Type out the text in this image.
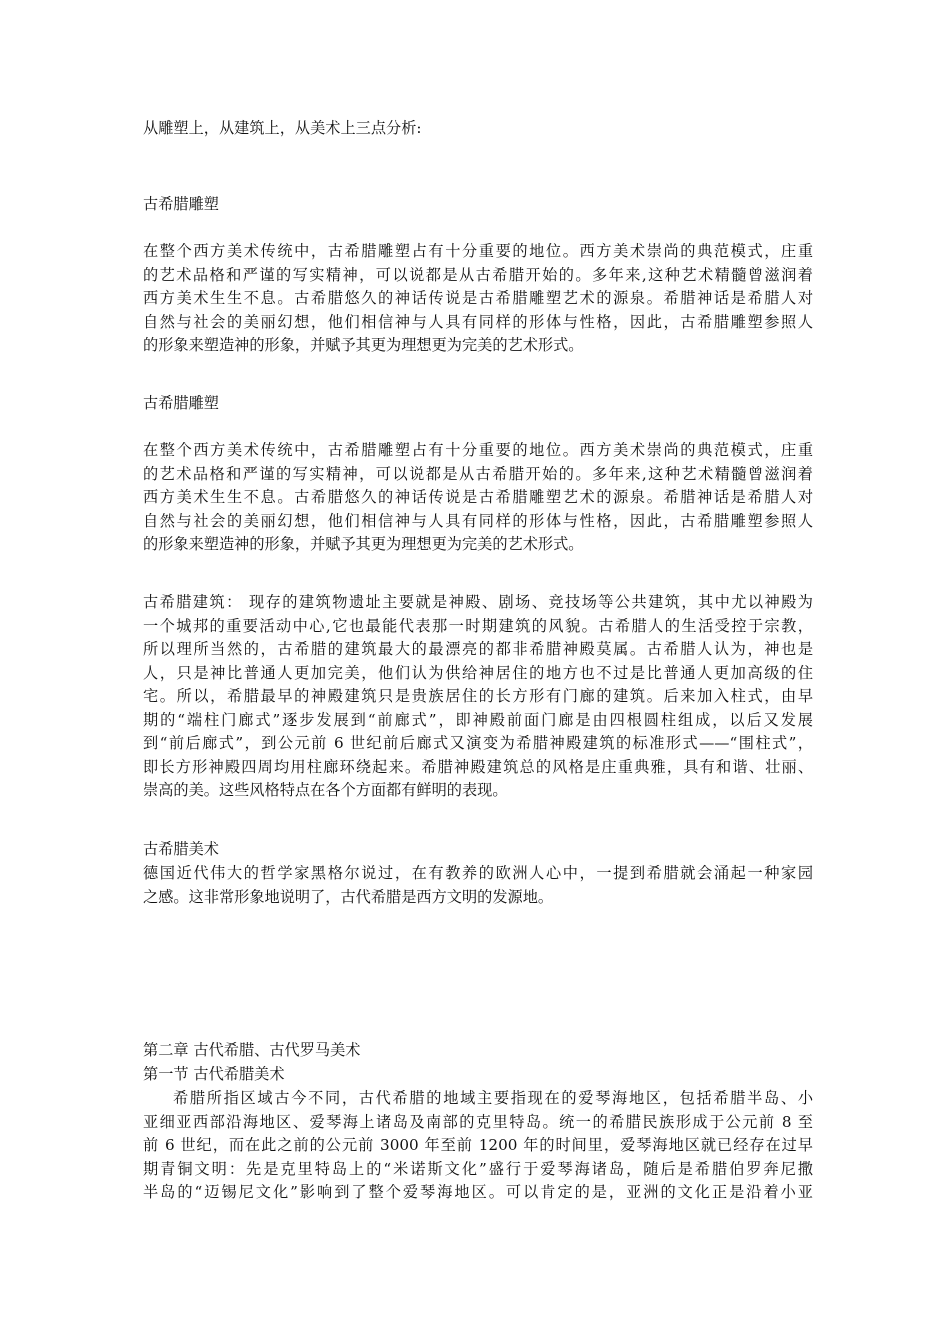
从雕塑上，从建筑上，从美术上三点分析:

古希腊雕塑

在整个西方美术传统中，古希腊雕塑占有十分重要的地位。西方美术崇尚的典范模式，庄重

的艺术品格和严谨的写实精神，可以说都是从古希腊开始的。多年来,这种艺术精髓曾滋润着

西方美术生生不息。古希腊悠久的神话传说是古希腊雕塑艺术的源泉。希腊神话是希腊人对

自然与社会的美丽幻想，他们相信神与人具有同样的形体与性格，因此，古希腊雕塑参照人

的形象来塑造神的形象，并赋予其更为理想更为完美的艺术形式。

古希腊雕塑

在整个西方美术传统中，古希腊雕塑占有十分重要的地位。西方美术崇尚的典范模式，庄重

的艺术品格和严谨的写实精神，可以说都是从古希腊开始的。多年来,这种艺术精髓曾滋润着

西方美术生生不息。古希腊悠久的神话传说是古希腊雕塑艺术的源泉。希腊神话是希腊人对

自然与社会的美丽幻想，他们相信神与人具有同样的形体与性格，因此，古希腊雕塑参照人

的形象来塑造神的形象，并赋予其更为理想更为完美的艺术形式。

古希腊建筑： 现存的建筑物遗址主要就是神殿、剧场、竞技场等公共建筑，其中尤以神殿为

一个城邦的重要活动中心,它也最能代表那一时期建筑的风貌。古希腊人的生活受控于宗教，

所以理所当然的，古希腊的建筑最大的最漂亮的都非希腊神殿莫属。古希腊人认为，神也是

人，只是神比普通人更加完美，他们认为供给神居住的地方也不过是比普通人更加高级的住

宅。所以，希腊最早的神殿建筑只是贵族居住的长方形有门廊的建筑。后来加入柱式，由早

期的“端柱门廊式”逐步发展到“前廊式”，即神殿前面门廊是由四根圆柱组成，以后又发展

到“前后廊式”，到公元前 6 世纪前后廊式又演变为希腊神殿建筑的标准形式——“围柱式”，

即长方形神殿四周均用柱廊环绕起来。希腊神殿建筑总的风格是庄重典雅，具有和谐、壮丽、

崇高的美。这些风格特点在各个方面都有鲜明的表现。

古希腊美术

德国近代伟大的哲学家黑格尔说过，在有教养的欧洲人心中，一提到希腊就会涌起一种家园

之感。这非常形象地说明了，古代希腊是西方文明的发源地。

第二章 古代希腊、古代罗马美术

第一节 古代希腊美术

希腊所指区域古今不同，古代希腊的地域主要指现在的爱琴海地区，包括希腊半岛、小

亚细亚西部沿海地区、爱琴海上诸岛及南部的克里特岛。统一的希腊民族形成于公元前 8 至

前 6 世纪，而在此之前的公元前 3000 年至前 1200 年的时间里，爱琴海地区就已经存在过早

期青铜文明：先是克里特岛上的“米诺斯文化”盛行于爱琴海诸岛，随后是希腊伯罗奔尼撒

半岛的“迈锡尼文化”影响到了整个爱琴海地区。可以肯定的是，亚洲的文化正是沿着小亚
